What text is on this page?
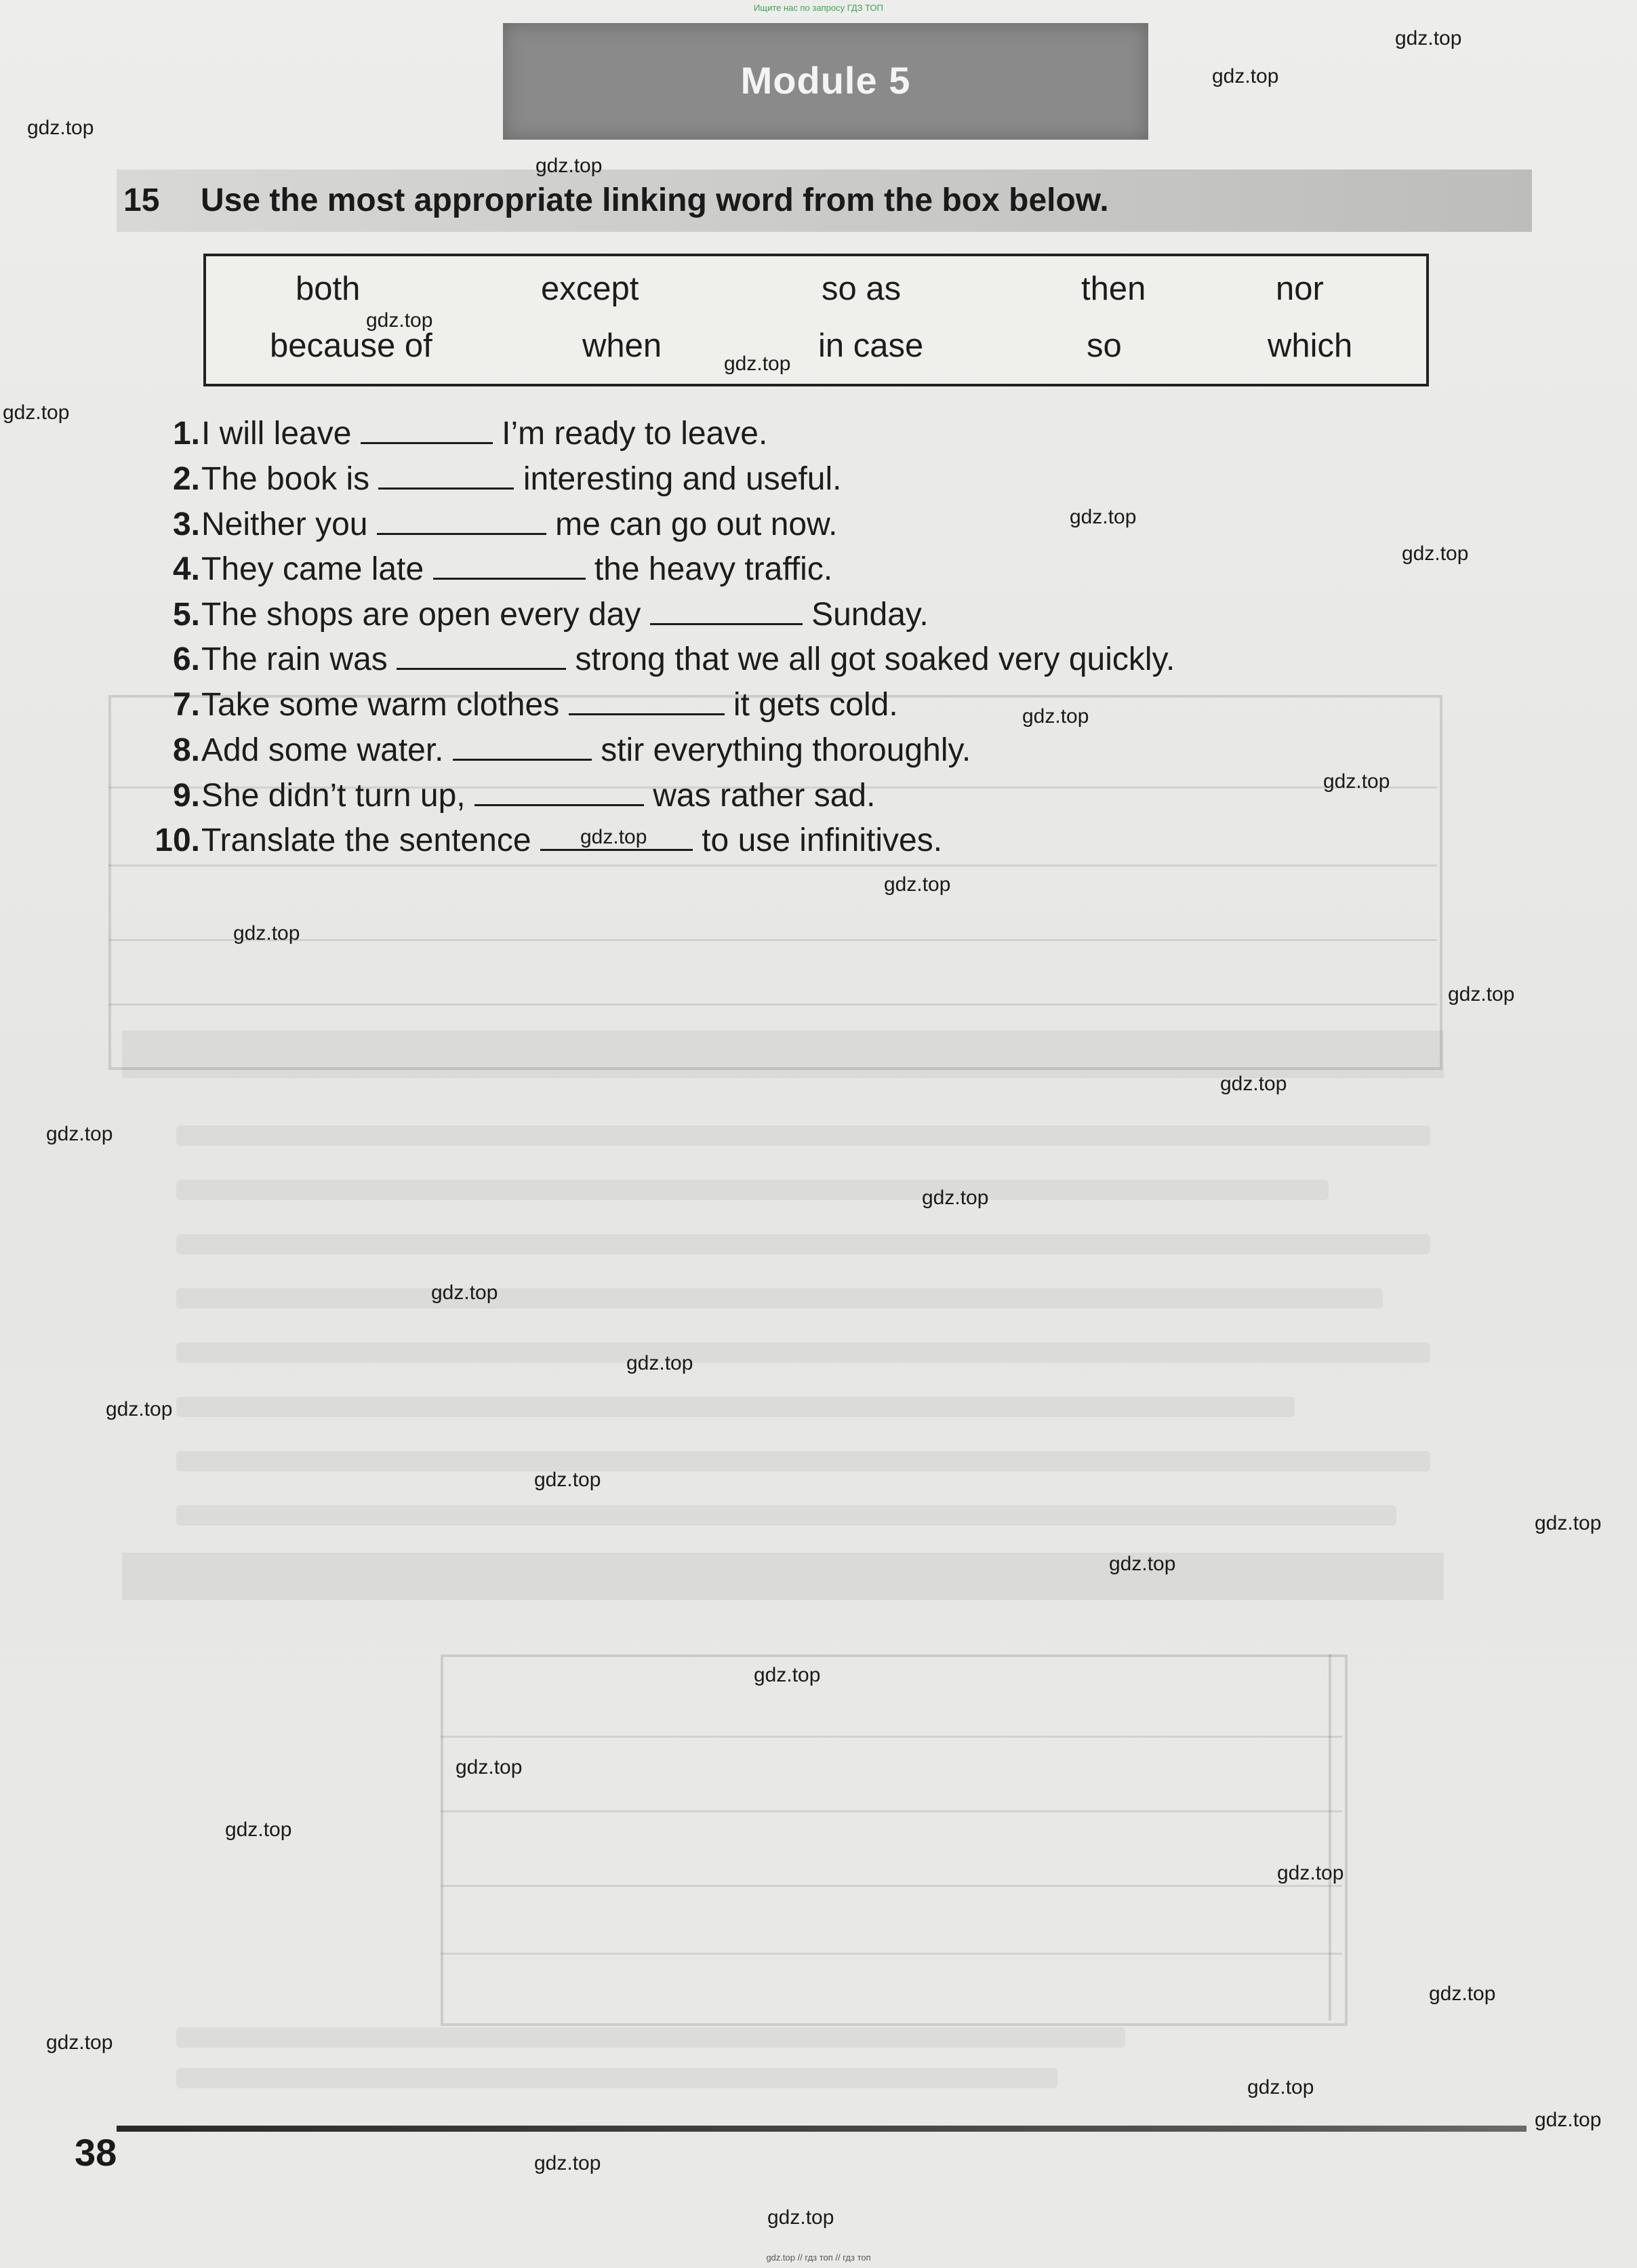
Ищите нас по запросу ГДЗ ТОП
Module 5
15 Use the most appropriate linking word from the box below.
both	except	so as	then	nor
because of	when	in case	so	which
1. I will leave	I’m ready to leave.
2. The book is	interesting and useful.
3. Neither you	me can go out now.
4. They came late	the heavy traffic.
5. The shops are open every day	Sunday.
6. The rain was	strong that we all got soaked very quickly.
7. Take some warm clothes	it gets cold.
8. Add some water.	stir everything thoroughly.
9. She didn’t turn up,	was rather sad.
10. Translate the sentence	to use infinitives.
gdz.top
gdz.top
gdz.top
gdz.top
gdz.top
gdz.top
gdz.top
gdz.top
gdz.top
gdz.top
gdz.top
gdz.top
gdz.top
gdz.top
gdz.top
gdz.top
gdz.top
gdz.top
gdz.top
gdz.top
gdz.top
gdz.top
gdz.top
gdz.top
gdz.top
gdz.top
gdz.top
gdz.top
gdz.top
gdz.top
gdz.top
gdz.top
gdz.top
gdz.top
38
gdz.top // гдз топ // гдз топ
